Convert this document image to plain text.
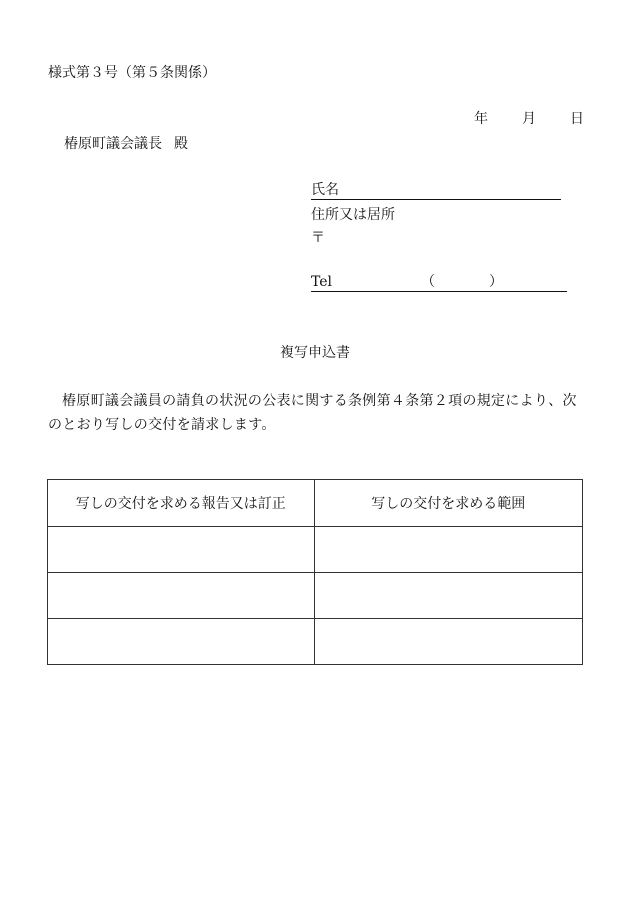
様式第３号（第５条関係）
年 月 日
椿原町議会議長 殿
氏名
住所又は居所
〒
Tel	（	）
複写申込書
椿原町議会議員の請負の状況の公表に関する条例第４条第２項の規定により、次のとおり写しの交付を請求します。
写しの交付を求める報告又は訂正	写しの交付を求める範囲
